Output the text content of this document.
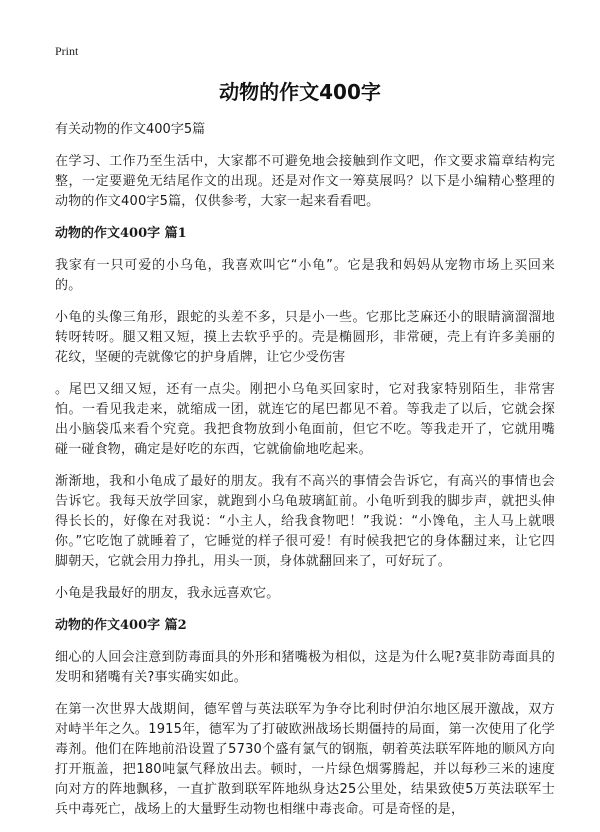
Print
动物的作文400字
有关动物的作文400字5篇

在学习、工作乃至生活中，大家都不可避免地会接触到作文吧，作文要求篇章结构完整，一定要避免无结尾作文的出现。还是对作文一筹莫展吗？以下是小编精心整理的动物的作文400字5篇，仅供参考，大家一起来看看吧。

动物的作文400字 篇1

我家有一只可爱的小乌龟，我喜欢叫它“小龟”。它是我和妈妈从宠物市场上买回来的。

小龟的头像三角形，跟蛇的头差不多，只是小一些。它那比芝麻还小的眼睛滴溜溜地转呀转呀。腿又粗又短，摸上去软乎乎的。壳是椭圆形，非常硬，壳上有许多美丽的花纹，坚硬的壳就像它的护身盾牌，让它少受伤害

。尾巴又细又短，还有一点尖。刚把小乌龟买回家时，它对我家特别陌生，非常害怕。一看见我走来，就缩成一团，就连它的尾巴都见不着。等我走了以后，它就会探出小脑袋瓜来看个究竟。我把食物放到小龟面前，但它不吃。等我走开了，它就用嘴碰一碰食物，确定是好吃的东西，它就偷偷地吃起来。

渐渐地，我和小龟成了最好的朋友。我有不高兴的事情会告诉它，有高兴的事情也会告诉它。我每天放学回家，就跑到小乌龟玻璃缸前。小龟听到我的脚步声，就把头伸得长长的，好像在对我说：“小主人，给我食物吧！”我说：“小馋龟，主人马上就喂你。”它吃饱了就睡着了，它睡觉的样子很可爱！有时候我把它的身体翻过来，让它四脚朝天，它就会用力挣扎，用头一顶，身体就翻回来了，可好玩了。

小龟是我最好的朋友，我永远喜欢它。

动物的作文400字 篇2

细心的人回会注意到防毒面具的外形和猪嘴极为相似，这是为什么呢?莫非防毒面具的发明和猪嘴有关?事实确实如此。

在第一次世界大战期间，德军曾与英法联军为争夺比利时伊泊尔地区展开激战，双方对峙半年之久。1915年，德军为了打破欧洲战场长期僵持的局面，第一次使用了化学毒剂。他们在阵地前沿设置了5730个盛有氯气的钢瓶，朝着英法联军阵地的顺风方向打开瓶盖，把180吨氯气释放出去。顿时，一片绿色烟雾腾起，并以每秒三米的速度向对方的阵地飘移，一直扩散到联军阵地纵身达25公里处，结果致使5万英法联军士兵中毒死亡，战场上的大量野生动物也相继中毒丧命。可是奇怪的是，
